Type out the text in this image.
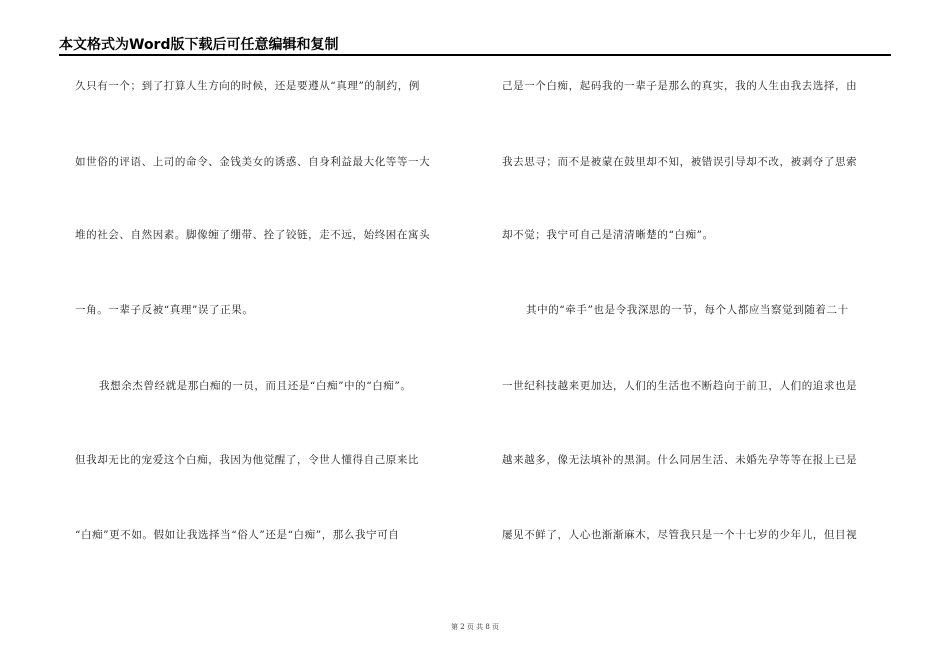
本文格式为Word版下载后可任意编辑和复制
久只有一个；到了打算人生方向的时候，还是要遵从“真理”的制约，例
如世俗的评语、上司的命令、金钱美女的诱惑、自身利益最大化等等一大
堆的社会、自然因素。脚像缠了绷带、拴了铰链，走不远，始终困在寓头
一角。一辈子反被“真理”误了正果。
我想余杰曾经就是那白痴的一员，而且还是“白痴”中的“白痴”。
但我却无比的宠爱这个白痴，我因为他觉醒了，令世人懂得自己原来比
“白痴”更不如。假如让我选择当“俗人”还是“白痴”，那么我宁可自
己是一个白痴，起码我的一辈子是那么的真实，我的人生由我去选择，由
我去思寻；而不是被蒙在鼓里却不知，被错误引导却不改，被剥夺了思索
却不觉；我宁可自己是清清晰楚的“白痴”。
其中的“牵手”也是令我深思的一节，每个人都应当察觉到随着二十
一世纪科技越来更加达，人们的生活也不断趋向于前卫，人们的追求也是
越来越多，像无法填补的黑洞。什么同居生活、未婚先孕等等在报上已是
屡见不鲜了，人心也渐渐麻木，尽管我只是一个十七岁的少年儿，但目视
第 2 页 共 8 页
